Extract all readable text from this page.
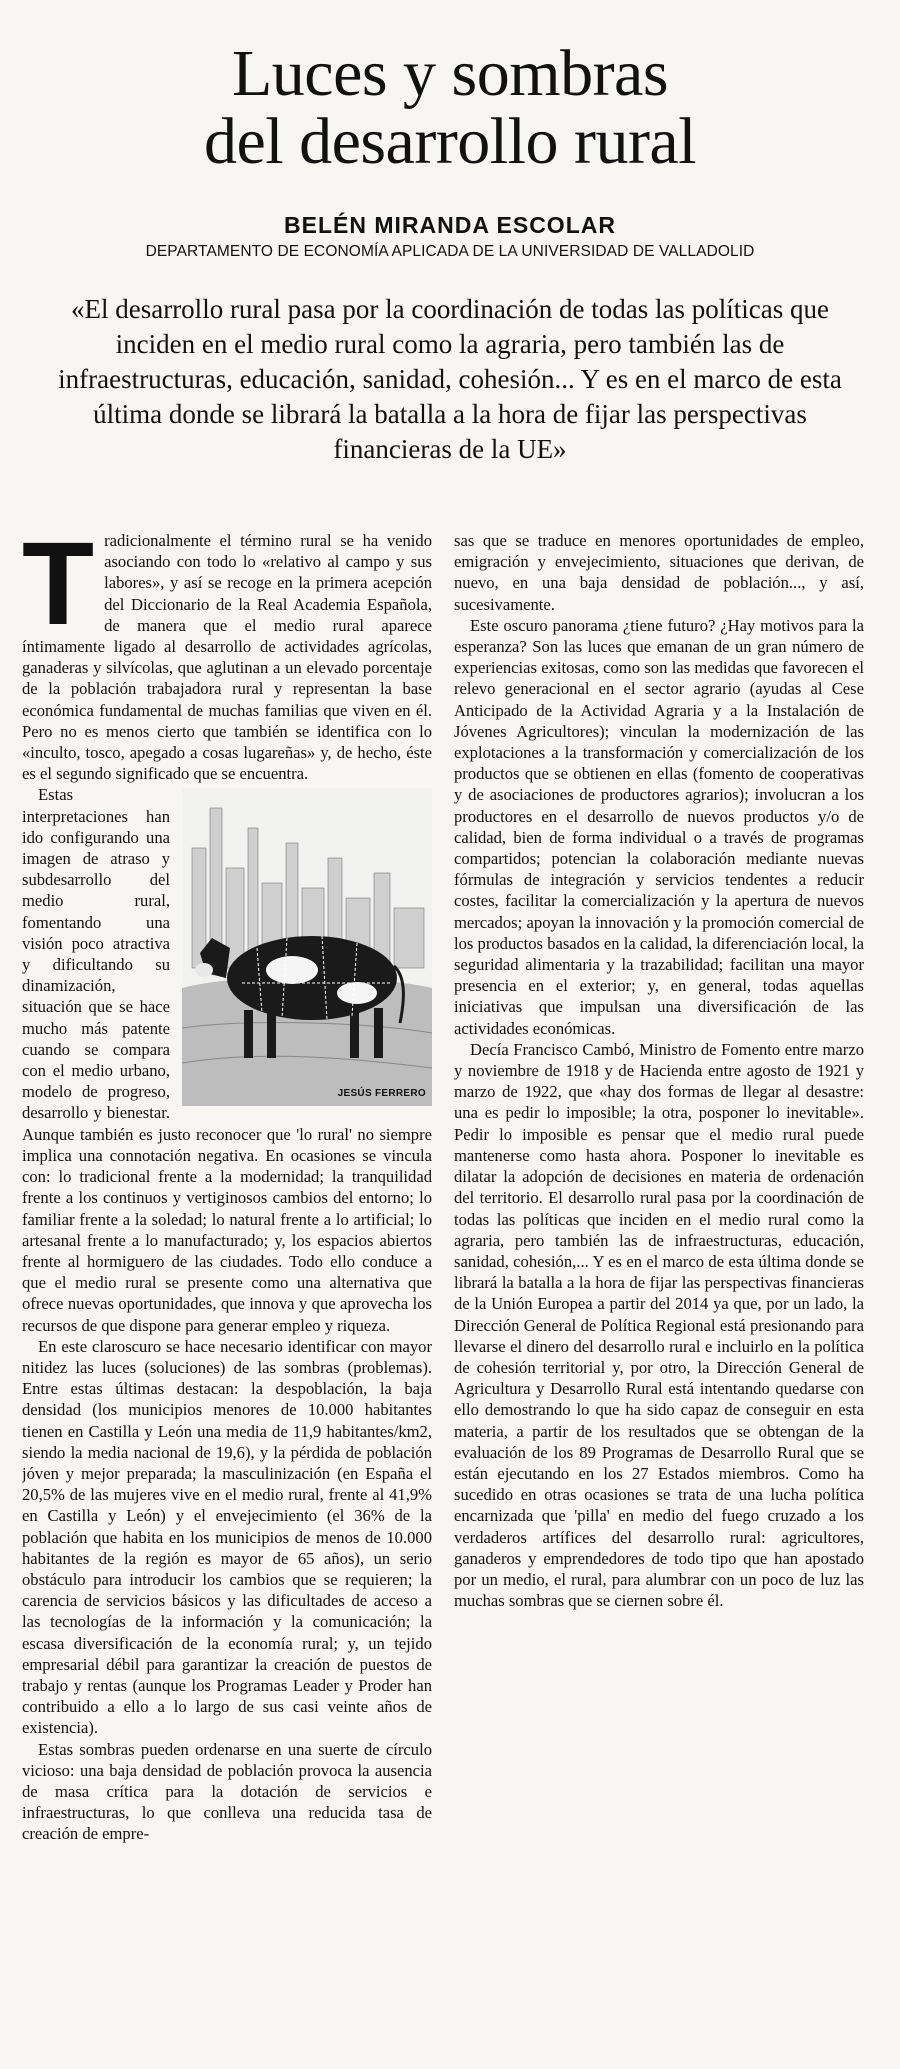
Luces y sombras
del desarrollo rural
BELÉN MIRANDA ESCOLAR
DEPARTAMENTO DE ECONOMÍA APLICADA DE LA UNIVERSIDAD DE VALLADOLID

«El desarrollo rural pasa por la coordinación de todas las políticas que inciden en el medio rural como la agraria, pero también las de infraestructuras, educación, sanidad, cohesión... Y es en el marco de esta última donde se librará la batalla a la hora de fijar las perspectivas financieras de la UE»

Tradicionalmente el término rural se ha venido asociando con todo lo «relativo al campo y sus labores», y así se recoge en la primera acepción del Diccionario de la Real Academia Española, de manera que el medio rural aparece íntimamente ligado al desarrollo de actividades agrícolas, ganaderas y silvícolas, que aglutinan a un elevado porcentaje de la población trabajadora rural y representan la base económica fundamental de muchas familias que viven en él. Pero no es menos cierto que también se identifica con lo «inculto, tosco, apegado a cosas lugareñas» y, de hecho, éste es el segundo significado que se encuentra.

JESÚS FERRERO
Estas interpretaciones han ido configurando una imagen de atraso y subdesarrollo del medio rural, fomentando una visión poco atractiva y dificultando su dinamización, situación que se hace mucho más patente cuando se compara con el medio urbano, modelo de progreso, desarrollo y bienestar. Aunque también es justo reconocer que 'lo rural' no siempre implica una connotación negativa. En ocasiones se vincula con: lo tradicional frente a la modernidad; la tranquilidad frente a los continuos y vertiginosos cambios del entorno; lo familiar frente a la soledad; lo natural frente a lo artificial; lo artesanal frente a lo manufacturado; y, los espacios abiertos frente al hormiguero de las ciudades. Todo ello conduce a que el medio rural se presente como una alternativa que ofrece nuevas oportunidades, que innova y que aprovecha los recursos de que dispone para generar empleo y riqueza.

En este claroscuro se hace necesario identificar con mayor nitidez las luces (soluciones) de las sombras (problemas). Entre estas últimas destacan: la despoblación, la baja densidad (los municipios menores de 10.000 habitantes tienen en Castilla y León una media de 11,9 habitantes/km2, siendo la media nacional de 19,6), y la pérdida de población jóven y mejor preparada; la masculinización (en España el 20,5% de las mujeres vive en el medio rural, frente al 41,9% en Castilla y León) y el envejecimiento (el 36% de la población que habita en los municipios de menos de 10.000 habitantes de la región es mayor de 65 años), un serio obstáculo para introducir los cambios que se requieren; la carencia de servicios básicos y las dificultades de acceso a las tecnologías de la información y la comunicación; la escasa diversificación de la economía rural; y, un tejido empresarial débil para garantizar la creación de puestos de trabajo y rentas (aunque los Programas Leader y Proder han contribuido a ello a lo largo de sus casi veinte años de existencia).

Estas sombras pueden ordenarse en una suerte de círculo vicioso: una baja densidad de población provoca la ausencia de masa crítica para la dotación de servicios e infraestructuras, lo que conlleva una reducida tasa de creación de empre-

sas que se traduce en menores oportunidades de empleo, emigración y envejecimiento, situaciones que derivan, de nuevo, en una baja densidad de población..., y así, sucesivamente.

Este oscuro panorama ¿tiene futuro? ¿Hay motivos para la esperanza? Son las luces que emanan de un gran número de experiencias exitosas, como son las medidas que favorecen el relevo generacional en el sector agrario (ayudas al Cese Anticipado de la Actividad Agraria y a la Instalación de Jóvenes Agricultores); vinculan la modernización de las explotaciones a la transformación y comercialización de los productos que se obtienen en ellas (fomento de cooperativas y de asociaciones de productores agrarios); involucran a los productores en el desarrollo de nuevos productos y/o de calidad, bien de forma individual o a través de programas compartidos; potencian la colaboración mediante nuevas fórmulas de integración y servicios tendentes a reducir costes, facilitar la comercialización y la apertura de nuevos mercados; apoyan la innovación y la promoción comercial de los productos basados en la calidad, la diferenciación local, la seguridad alimentaria y la trazabilidad; facilitan una mayor presencia en el exterior; y, en general, todas aquellas iniciativas que impulsan una diversificación de las actividades económicas.

Decía Francisco Cambó, Ministro de Fomento entre marzo y noviembre de 1918 y de Hacienda entre agosto de 1921 y marzo de 1922, que «hay dos formas de llegar al desastre: una es pedir lo imposible; la otra, posponer lo inevitable». Pedir lo imposible es pensar que el medio rural puede mantenerse como hasta ahora. Posponer lo inevitable es dilatar la adopción de decisiones en materia de ordenación del territorio. El desarrollo rural pasa por la coordinación de todas las políticas que inciden en el medio rural como la agraria, pero también las de infraestructuras, educación, sanidad, cohesión,... Y es en el marco de esta última donde se librará la batalla a la hora de fijar las perspectivas financieras de la Unión Europea a partir del 2014 ya que, por un lado, la Dirección General de Política Regional está presionando para llevarse el dinero del desarrollo rural e incluirlo en la política de cohesión territorial y, por otro, la Dirección General de Agricultura y Desarrollo Rural está intentando quedarse con ello demostrando lo que ha sido capaz de conseguir en esta materia, a partir de los resultados que se obtengan de la evaluación de los 89 Programas de Desarrollo Rural que se están ejecutando en los 27 Estados miembros. Como ha sucedido en otras ocasiones se trata de una lucha política encarnizada que 'pilla' en medio del fuego cruzado a los verdaderos artífices del desarrollo rural: agricultores, ganaderos y emprendedores de todo tipo que han apostado por un medio, el rural, para alumbrar con un poco de luz las muchas sombras que se ciernen sobre él.
